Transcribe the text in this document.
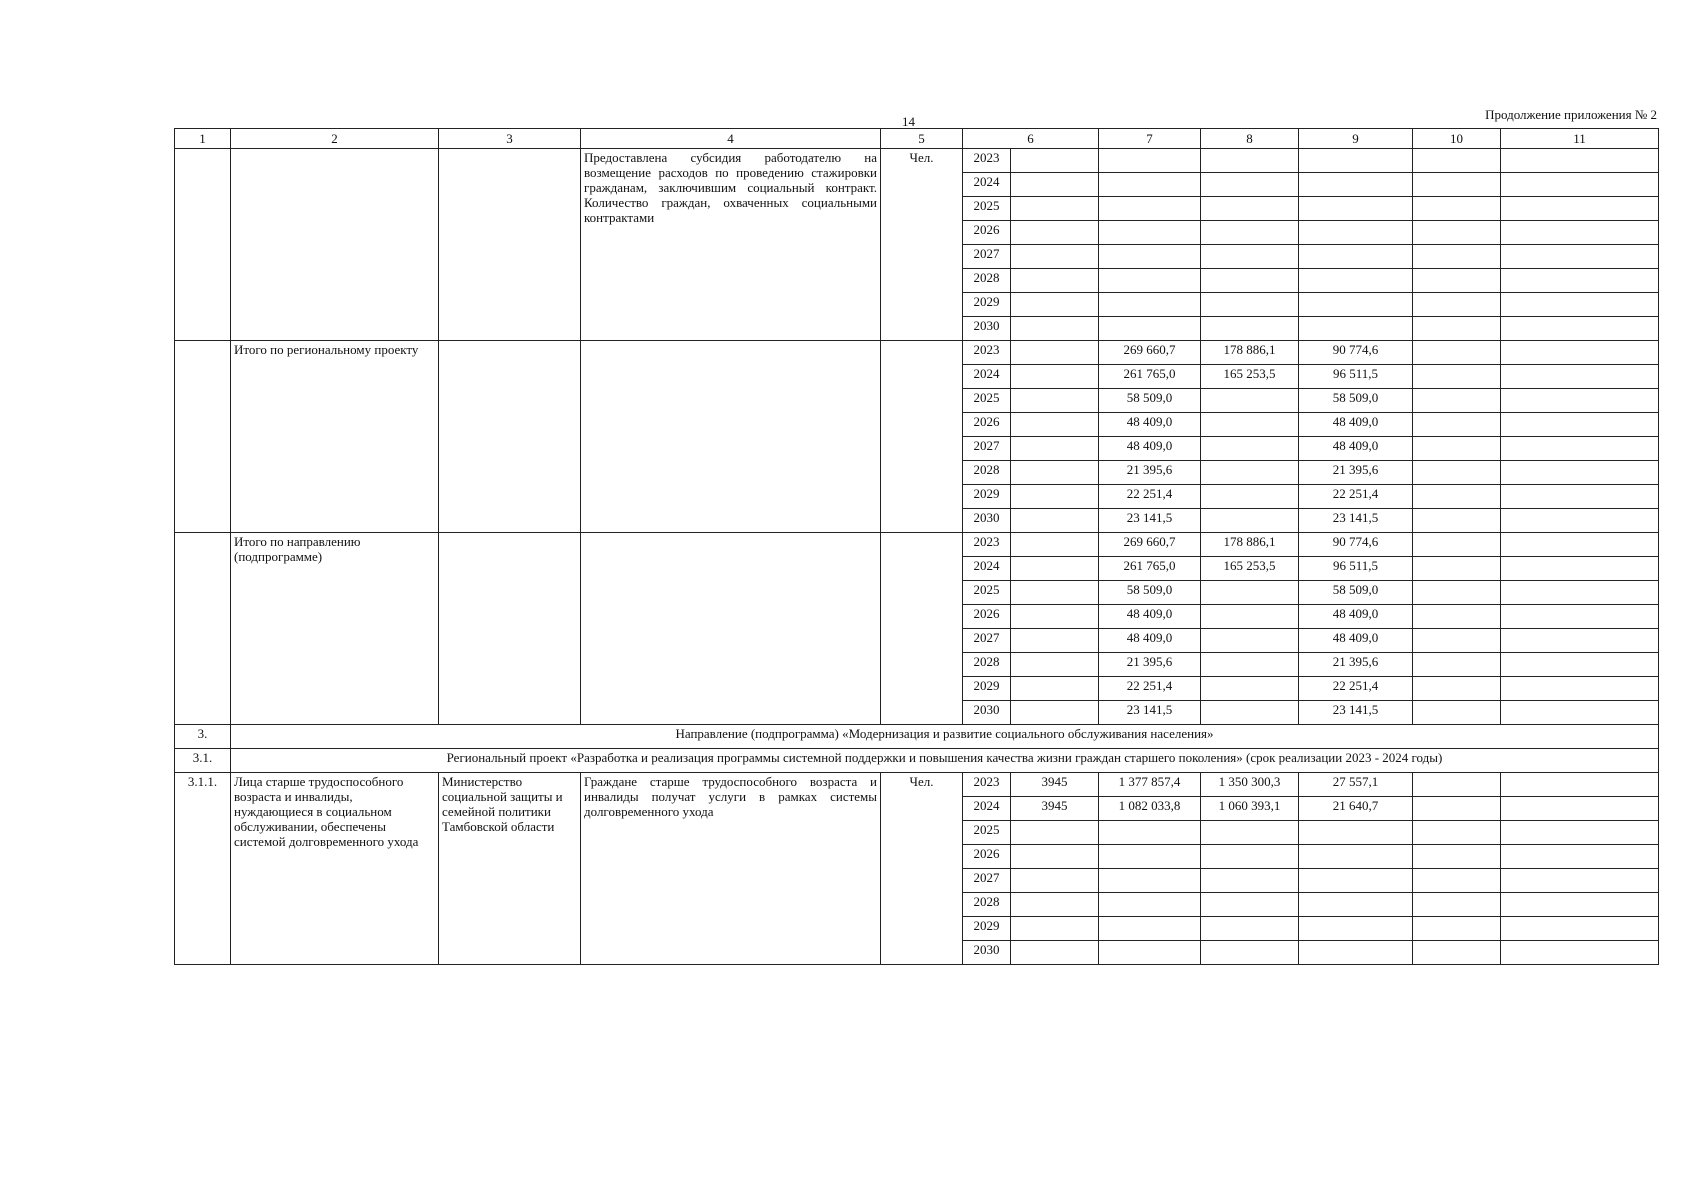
14	Продолжение приложения № 2
1	2	3	4	5	6		7	8	9	10	11
			Предоставлена субсидия работодателю на возмещение расходов по проведению стажировки гражданам, заключившим социальный контракт. Количество граждан, охваченных социальными контрактами	Чел.	2023						
					2024						
					2025						
					2026						
					2027						
					2028						
					2029						
					2030						
	Итого по региональному проекту				2023		269 660,7	178 886,1	90 774,6		
					2024		261 765,0	165 253,5	96 511,5		
					2025		58 509,0		58 509,0		
					2026		48 409,0		48 409,0		
					2027		48 409,0		48 409,0		
					2028		21 395,6		21 395,6		
					2029		22 251,4		22 251,4		
					2030		23 141,5		23 141,5		
	Итого по направлению (подпрограмме)				2023		269 660,7	178 886,1	90 774,6		
					2024		261 765,0	165 253,5	96 511,5		
					2025		58 509,0		58 509,0		
					2026		48 409,0		48 409,0		
					2027		48 409,0		48 409,0		
					2028		21 395,6		21 395,6		
					2029		22 251,4		22 251,4		
					2030		23 141,5		23 141,5		
3.	Направление (подпрограмма) «Модернизация и развитие социального обслуживания населения»										
3.1.	Региональный проект «Разработка и реализация программы системной поддержки и повышения качества жизни граждан старшего поколения» (срок реализации 2023 - 2024 годы)										
3.1.1.	Лица старше трудоспособного возраста и инвалиды, нуждающиеся в социальном обслуживании, обеспечены системой долговременного ухода	Министерство социальной защиты и семейной политики Тамбовской области	Граждане старше трудоспособного возраста и инвалиды получат услуги в рамках системы долговременного ухода	Чел.	2023	3945	1 377 857,4	1 350 300,3	27 557,1		
					2024	3945	1 082 033,8	1 060 393,1	21 640,7		
					2025						
					2026						
					2027						
					2028						
					2029						
					2030						
